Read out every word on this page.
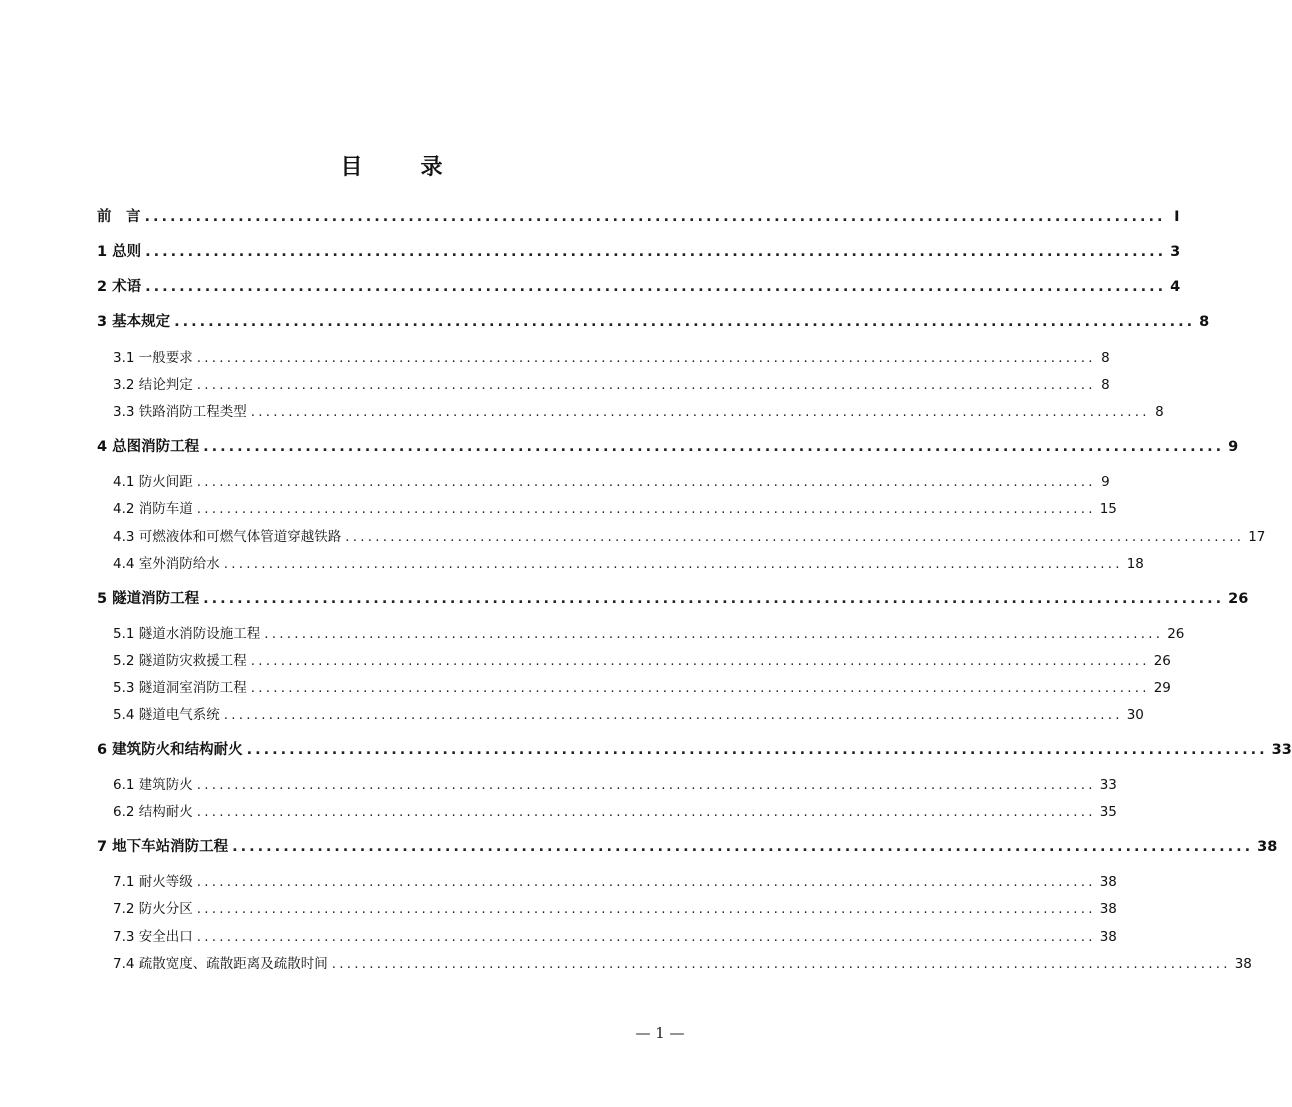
目　录
前　言 ........................................................................................................................ I
1 总则 ........................................................................................................................ 3
2 术语 ........................................................................................................................ 4
3 基本规定 ........................................................................................................................ 8
3.1 一般要求 ........................................................................................................................ 8
3.2 结论判定 ........................................................................................................................ 8
3.3 铁路消防工程类型 ........................................................................................................................ 8
4 总图消防工程 ........................................................................................................................ 9
4.1 防火间距 ........................................................................................................................ 9
4.2 消防车道 ........................................................................................................................ 15
4.3 可燃液体和可燃气体管道穿越铁路 ........................................................................................................................ 17
4.4 室外消防给水 ........................................................................................................................ 18
5 隧道消防工程 ........................................................................................................................ 26
5.1 隧道水消防设施工程 ........................................................................................................................ 26
5.2 隧道防灾救援工程 ........................................................................................................................ 26
5.3 隧道洞室消防工程 ........................................................................................................................ 29
5.4 隧道电气系统 ........................................................................................................................ 30
6 建筑防火和结构耐火 ........................................................................................................................ 33
6.1 建筑防火 ........................................................................................................................ 33
6.2 结构耐火 ........................................................................................................................ 35
7 地下车站消防工程 ........................................................................................................................ 38
7.1 耐火等级 ........................................................................................................................ 38
7.2 防火分区 ........................................................................................................................ 38
7.3 安全出口 ........................................................................................................................ 38
7.4 疏散宽度、疏散距离及疏散时间 ........................................................................................................................ 38
— 1 —
